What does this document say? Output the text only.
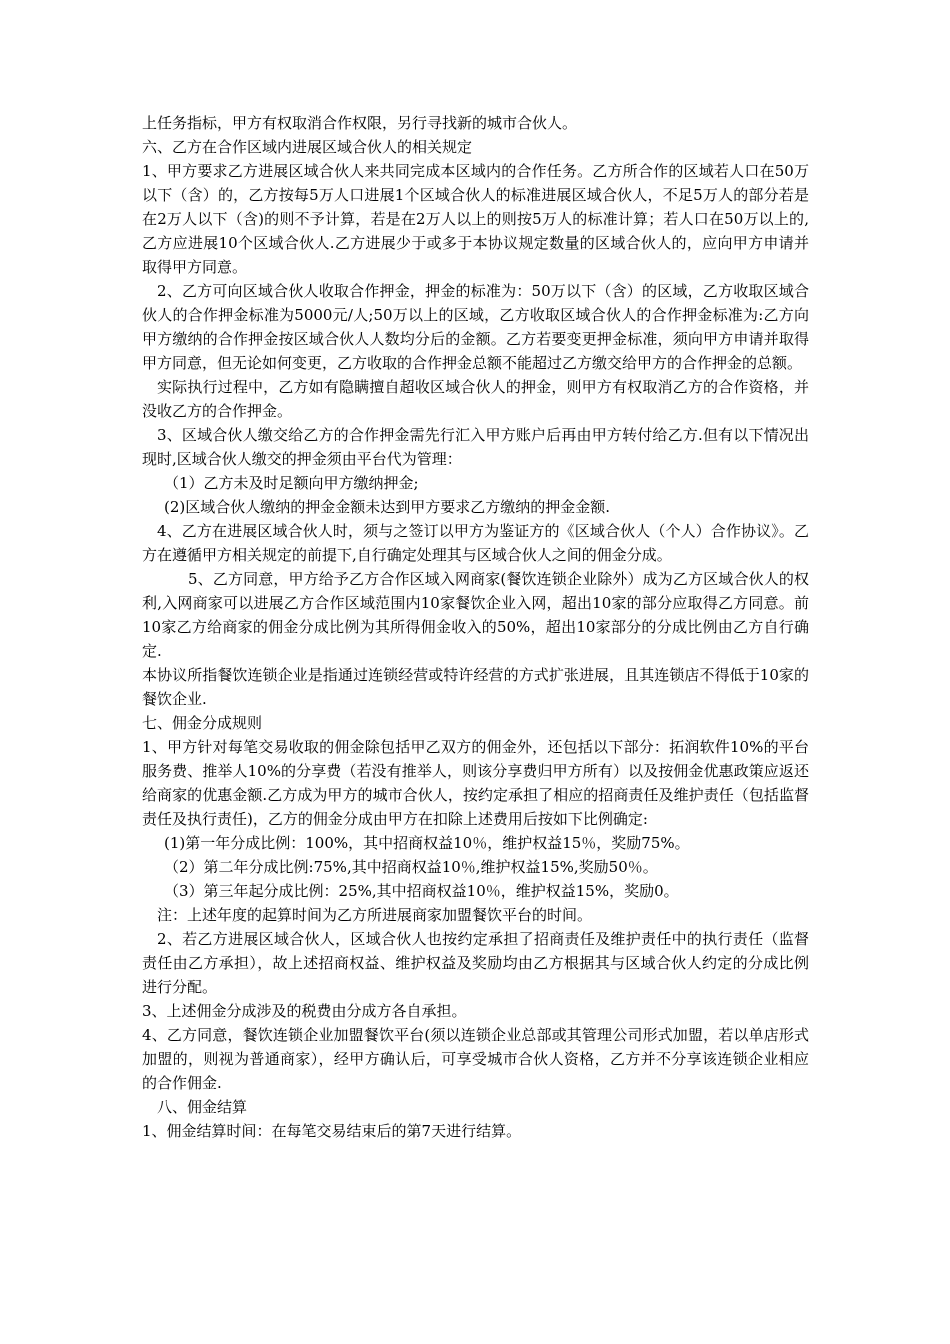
上任务指标，甲方有权取消合作权限，另行寻找新的城市合伙人。

六、乙方在合作区域内进展区域合伙人的相关规定

1、甲方要求乙方进展区域合伙人来共同完成本区域内的合作任务。乙方所合作的区域若人口在50万以下（含）的，乙方按每5万人口进展1个区域合伙人的标准进展区域合伙人，不足5万人的部分若是在2万人以下（含)的则不予计算，若是在2万人以上的则按5万人的标准计算；若人口在50万以上的,乙方应进展10个区域合伙人.乙方进展少于或多于本协议规定数量的区域合伙人的，应向甲方申请并取得甲方同意。

2、乙方可向区域合伙人收取合作押金，押金的标准为：50万以下（含）的区域，乙方收取区域合伙人的合作押金标准为5000元/人;50万以上的区域，乙方收取区域合伙人的合作押金标准为:乙方向甲方缴纳的合作押金按区域合伙人人数均分后的金额。乙方若要变更押金标准，须向甲方申请并取得甲方同意，但无论如何变更，乙方收取的合作押金总额不能超过乙方缴交给甲方的合作押金的总额。

实际执行过程中，乙方如有隐瞒擅自超收区域合伙人的押金，则甲方有权取消乙方的合作资格，并没收乙方的合作押金。

3、区域合伙人缴交给乙方的合作押金需先行汇入甲方账户后再由甲方转付给乙方.但有以下情况出现时,区域合伙人缴交的押金须由平台代为管理：

（1）乙方未及时足额向甲方缴纳押金;

(2)区域合伙人缴纳的押金金额未达到甲方要求乙方缴纳的押金金额.

4、乙方在进展区域合伙人时，须与之签订以甲方为鉴证方的《区域合伙人（个人）合作协议》。乙方在遵循甲方相关规定的前提下,自行确定处理其与区域合伙人之间的佣金分成。

5、乙方同意，甲方给予乙方合作区域入网商家(餐饮连锁企业除外）成为乙方区域合伙人的权利,入网商家可以进展乙方合作区域范围内10家餐饮企业入网，超出10家的部分应取得乙方同意。前10家乙方给商家的佣金分成比例为其所得佣金收入的50%，超出10家部分的分成比例由乙方自行确定.

本协议所指餐饮连锁企业是指通过连锁经营或特许经营的方式扩张进展，且其连锁店不得低于10家的餐饮企业.

七、佣金分成规则

1、甲方针对每笔交易收取的佣金除包括甲乙双方的佣金外，还包括以下部分：拓润软件10%的平台服务费、推举人10%的分享费（若没有推举人，则该分享费归甲方所有）以及按佣金优惠政策应返还给商家的优惠金额.乙方成为甲方的城市合伙人，按约定承担了相应的招商责任及维护责任（包括监督责任及执行责任)，乙方的佣金分成由甲方在扣除上述费用后按如下比例确定:

(1)第一年分成比例：100%，其中招商权益10％，维护权益15％，奖励75%。

（2）第二年分成比例:75%,其中招商权益10％,维护权益15%,奖励50％。

（3）第三年起分成比例：25%,其中招商权益10％，维护权益15%，奖励0。

注：上述年度的起算时间为乙方所进展商家加盟餐饮平台的时间。

2、若乙方进展区域合伙人，区域合伙人也按约定承担了招商责任及维护责任中的执行责任（监督责任由乙方承担），故上述招商权益、维护权益及奖励均由乙方根据其与区域合伙人约定的分成比例进行分配。

3、上述佣金分成涉及的税费由分成方各自承担。

4、乙方同意，餐饮连锁企业加盟餐饮平台(须以连锁企业总部或其管理公司形式加盟，若以单店形式加盟的，则视为普通商家），经甲方确认后，可享受城市合伙人资格，乙方并不分享该连锁企业相应的合作佣金.

八、佣金结算

1、佣金结算时间：在每笔交易结束后的第7天进行结算。
